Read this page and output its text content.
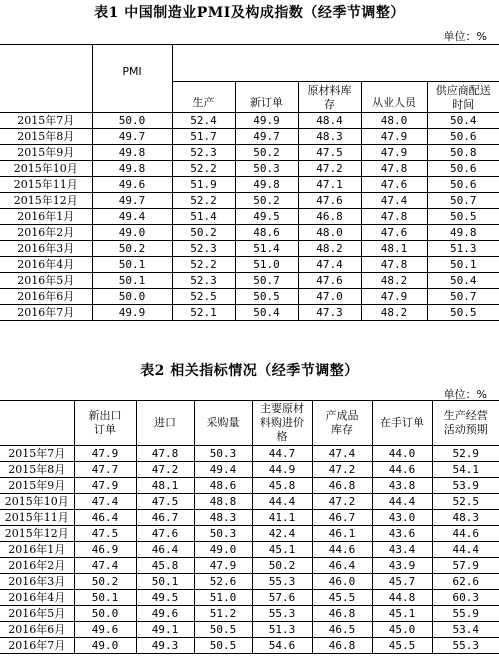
表1 中国制造业PMI及构成指数（经季节调整）
单位：%
	PMI					
		生产	新订单	原材料库存	从业人员	供应商配送时间
2015年7月	50.0	52.4	49.9	48.4	48.0	50.4
2015年8月	49.7	51.7	49.7	48.3	47.9	50.6
2015年9月	49.8	52.3	50.2	47.5	47.9	50.8
2015年10月	49.8	52.2	50.3	47.2	47.8	50.6
2015年11月	49.6	51.9	49.8	47.1	47.6	50.6
2015年12月	49.7	52.2	50.2	47.6	47.4	50.7
2016年1月	49.4	51.4	49.5	46.8	47.8	50.5
2016年2月	49.0	50.2	48.6	48.0	47.6	49.8
2016年3月	50.2	52.3	51.4	48.2	48.1	51.3
2016年4月	50.1	52.2	51.0	47.4	47.8	50.1
2016年5月	50.1	52.3	50.7	47.6	48.2	50.4
2016年6月	50.0	52.5	50.5	47.0	47.9	50.7
2016年7月	49.9	52.1	50.4	47.3	48.2	50.5
表2 相关指标情况（经季节调整）
单位：%
	新出口订单	进口	采购量	主要原材料购进价格	产成品库存	在手订单	生产经营活动预期
2015年7月	47.9	47.8	50.3	44.7	47.4	44.0	52.9
2015年8月	47.7	47.2	49.4	44.9	47.2	44.6	54.1
2015年9月	47.9	48.1	48.6	45.8	46.8	43.8	53.9
2015年10月	47.4	47.5	48.8	44.4	47.2	44.4	52.5
2015年11月	46.4	46.7	48.3	41.1	46.7	43.0	48.3
2015年12月	47.5	47.6	50.3	42.4	46.1	43.6	44.6
2016年1月	46.9	46.4	49.0	45.1	44.6	43.4	44.4
2016年2月	47.4	45.8	47.9	50.2	46.4	43.9	57.9
2016年3月	50.2	50.1	52.6	55.3	46.0	45.7	62.6
2016年4月	50.1	49.5	51.0	57.6	45.5	44.8	60.3
2016年5月	50.0	49.6	51.2	55.3	46.8	45.1	55.9
2016年6月	49.6	49.1	50.5	51.3	46.5	45.0	53.4
2016年7月	49.0	49.3	50.5	54.6	46.8	45.5	55.3
